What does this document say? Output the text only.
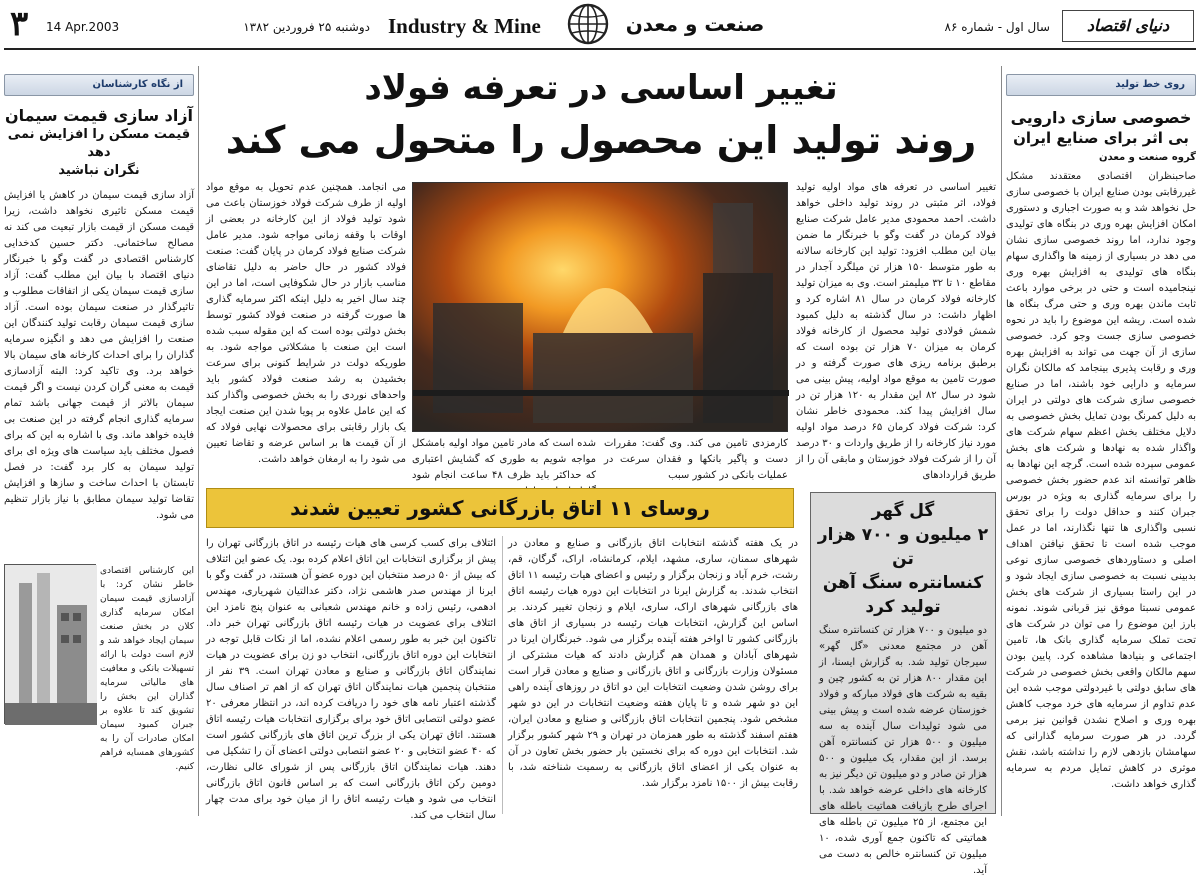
۳ 14 Apr.2003	دوشنبه ۲۵ فروردین ۱۳۸۲ Industry & Mine	صنعت و معدن	سال اول - شماره ۸۶	دنیای اقتصاد
از نگاه کارشناسان
آزاد سازی قیمت سیمان
قیمت مسکن را افزایش نمی دهد
نگران نباشید
آزاد سازی قیمت سیمان در کاهش یا افزایش قیمت مسکن تاثیری نخواهد داشت، زیرا قیمت مسکن از قیمت بازار تبعیت می کند نه مصالح ساختمانی. دکتر حسین کدخدایی کارشناس اقتصادی در گفت وگو با خبرنگار دنیای اقتصاد با بیان این مطلب گفت: آزاد سازی قیمت سیمان یکی از اتفاقات مطلوب و تاثیرگذار در صنعت سیمان بوده است. آزاد سازی قیمت سیمان رقابت تولید کنندگان این صنعت را افزایش می دهد و انگیزه سرمایه گذاران را برای احداث کارخانه های سیمان بالا خواهد برد. وی تاکید کرد: البته آزادسازی قیمت به معنی گران کردن نیست و اگر قیمت سیمان بالاتر از قیمت جهانی باشد تمام سرمایه گذاری انجام گرفته در این صنعت بی فایده خواهد ماند. وی با اشاره به این که برای فصول مختلف باید سیاست های ویژه ای برای تولید سیمان به کار برد گفت: در فصل تابستان با احداث ساخت و سازها و افزایش تقاضا تولید سیمان مطابق با نیاز بازار تنظیم می شود.
این کارشناس اقتصادی خاطر نشان کرد: با آزادسازی قیمت سیمان امکان سرمایه گذاری کلان در بخش صنعت سیمان ایجاد خواهد شد و لازم است دولت با ارائه تسهیلات بانکی و معافیت های مالیاتی سرمایه گذاران این بخش را تشویق کند تا علاوه بر جبران کمبود سیمان امکان صادرات آن را به کشورهای همسایه فراهم کنیم.
روی خط تولید
خصوصی سازی دارویی
بی اثر برای صنایع ایران
گروه صنعت و معدن
صاحبنظران اقتصادی معتقدند مشکل غیررقابتی بودن صنایع ایران با خصوصی سازی حل نخواهد شد و به صورت اجباری و دستوری امکان افزایش بهره وری در بنگاه های تولیدی وجود ندارد، اما روند خصوصی سازی نشان می دهد در بسیاری از زمینه ها واگذاری سهام بنگاه های تولیدی به افزایش بهره وری نینجامیده است و حتی در برخی موارد باعث ثابت ماندن بهره وری و حتی مرگ بنگاه ها شده است. ریشه این موضوع را باید در نحوه خصوصی سازی جست وجو کرد. خصوصی سازی از آن جهت می تواند به افزایش بهره وری و رقابت پذیری بینجامد که مالکان نگران سرمایه و دارایی خود باشند، اما در صنایع خصوصی سازی شرکت های دولتی در ایران به دلیل کمرنگ بودن تمایل بخش خصوصی به دلایل مختلف بخش اعظم سهام شرکت های واگذار شده به نهادها و شرکت های بخش عمومی سپرده شده است. گرچه این نهادها به ظاهر توانسته اند عدم حضور بخش خصوصی را برای سرمایه گذاری به ویژه در بورس جبران کنند و حداقل دولت را برای تحقق نسبی واگذاری ها تنها نگذارند، اما در عمل موجب شده است تا تحقق نیافتن اهداف اصلی و دستاوردهای خصوصی سازی نوعی بدبینی نسبت به خصوصی سازی ایجاد شود و در این راستا بسیاری از شرکت های بخش عمومی نسبتا موفق نیز قربانی شوند. نمونه بارز این موضوع را می توان در شرکت های تحت تملک سرمایه گذاری بانک ها، تامین اجتماعی و بنیادها مشاهده کرد. پایین بودن سهم مالکان واقعی بخش خصوصی در شرکت های سابق دولتی با غیردولتی موجب شده این عدم تداوم از سرمایه های خرد موجب کاهش بهره وری و اصلاح نشدن قوانین نیز برمی گردد. در هر صورت سرمایه گذارانی که سهامشان بازدهی لازم را نداشته باشد، نقش موثری در کاهش تمایل مردم به سرمایه گذاری خواهد داشت.
تغییر اساسی در تعرفه فولاد
روند تولید این محصول را متحول می کند
تغییر اساسی در تعرفه های مواد اولیه تولید فولاد، اثر مثبتی در روند تولید داخلی خواهد داشت. احمد محمودی مدیر عامل شرکت صنایع فولاد کرمان در گفت وگو با خبرنگار ما ضمن بیان این مطلب افزود: تولید این کارخانه سالانه به طور متوسط ۱۵۰ هزار تن میلگرد آجدار در مقاطع ۱۰ تا ۳۲ میلیمتر است. وی به میزان تولید کارخانه فولاد کرمان در سال ۸۱ اشاره کرد و اظهار داشت: در سال گذشته به دلیل کمبود شمش فولادی تولید محصول از کارخانه فولاد کرمان به میزان ۷۰ هزار تن بوده است که برطبق برنامه ریزی های صورت گرفته و در صورت تامین به موقع مواد اولیه، پیش بینی می شود در سال ۸۲ این مقدار به ۱۲۰ هزار تن در سال افزایش پیدا کند. محمودی خاطر نشان کرد: شرکت فولاد کرمان ۶۵ درصد مواد اولیه مورد نیاز کارخانه را از طریق واردات و ۳۰ درصد آن را از شرکت فولاد خوزستان و مابقی آن را از طریق قراردادهای
می انجامد. همچنین عدم تحویل به موقع مواد اولیه از طرف شرکت فولاد خوزستان باعث می شود تولید فولاد از این کارخانه در بعضی از اوقات با وقفه زمانی مواجه شود. مدیر عامل شرکت صنایع فولاد کرمان در پایان گفت: صنعت فولاد کشور در حال حاضر به دلیل تقاضای مناسب بازار در حال شکوفایی است، اما در این چند سال اخیر به دلیل اینکه اکثر سرمایه گذاری ها صورت گرفته در صنعت فولاد کشور توسط بخش دولتی بوده است که این مقوله سبب شده است این صنعت با مشکلاتی مواجه شود. به طوریکه دولت در شرایط کنونی برای سرعت بخشیدن به رشد صنعت فولاد کشور باید واحدهای نوردی را به بخش خصوصی واگذار کند که این عامل علاوه بر پویا شدن این صنعت ایجاد یک بازار رقابتی برای محصولات نهایی فولاد که از آن قیمت ها بر اساس عرضه و تقاضا تعیین می شود را به ارمغان خواهد داشت.
کارمزدی تامین می کند. وی گفت: مقررات دست و پاگیر بانکها و فقدان سرعت در عملیات بانکی در کشور سبب
شده است که مادر تامین مواد اولیه بامشکل مواجه شویم به طوری که گشایش اعتباری که حداکثر باید ظرف ۴۸ ساعت انجام شود
روسای ۱۱ اتاق بازرگانی کشور تعیین شدند	گل گهر
۲ میلیون و ۷۰۰ هزار تن
کنسانتره سنگ آهن
تولید کرد
دو میلیون و ۷۰۰ هزار تن کنسانتره سنگ آهن در مجتمع معدنی «گل گهر» سیرجان تولید شد. به گزارش ایسنا، از این مقدار ۸۰۰ هزار تن به کشور چین و بقیه به شرکت های فولاد مبارکه و فولاد خوزستان عرضه شده است و پیش بینی می شود تولیدات سال آینده به سه میلیون و ۵۰۰ هزار تن کنسانتره آهن برسد. از این مقدار، یک میلیون و ۵۰۰ هزار تن صادر و دو میلیون تن دیگر نیز به کارخانه های داخلی عرضه خواهد شد. با اجرای طرح بازیافت هماتیت باطله های این مجتمع، از ۲۵ میلیون تن باطله های هماتیتی که تاکنون جمع آوری شده، ۱۰ میلیون تن کنسانتره خالص به دست می آید.
در یک هفته گذشته انتخابات اتاق بازرگانی و صنایع و معادن در شهرهای سمنان، ساری، مشهد، ایلام، کرمانشاه، اراک، گرگان، قم، رشت، خرم آباد و زنجان برگزار و رئیس و اعضای هیات رئیسه ۱۱ اتاق انتخاب شدند. به گزارش ایرنا در انتخابات این دوره هیات رئیسه اتاق های بازرگانی شهرهای اراک، ساری، ایلام و زنجان تغییر کردند. بر اساس این گزارش، انتخابات هیات رئیسه در بسیاری از اتاق های بازرگانی کشور تا اواخر هفته آینده برگزار می شود. خبرنگاران ایرنا در شهرهای آبادان و همدان هم گزارش دادند که هیات مشترکی از مسئولان وزارت بازرگانی و اتاق بازرگانی و صنایع و معادن قرار است برای روشن شدن وضعیت انتخابات این دو اتاق در روزهای آینده راهی این دو شهر شده و تا پایان هفته وضعیت انتخابات در این دو شهر مشخص شود. پنجمین انتخابات اتاق بازرگانی و صنایع و معادن ایران، هفتم اسفند گذشته به طور همزمان در تهران و ۲۹ شهر کشور برگزار شد. انتخابات این دوره که برای نخستین بار حضور بخش تعاون در آن به عنوان یکی از اعضای اتاق بازرگانی به رسمیت شناخته شد، با رقابت بیش از ۱۵۰۰ نامزد برگزار شد.
ائتلاف برای کسب کرسی های هیات رئیسه در اتاق بازرگانی تهران را پیش از برگزاری انتخابات این اتاق اعلام کرده بود. یک عضو این ائتلاف که بیش از ۵۰ درصد منتخبان این دوره عضو آن هستند، در گفت وگو با ایرنا از مهندس صدر هاشمی نژاد، دکتر عدالتیان شهریاری، مهندس ادهمی، رئیس زاده و خانم مهندس شعبانی به عنوان پنج نامزد این ائتلاف برای عضویت در هیات رئیسه اتاق بازرگانی تهران خبر داد. تاکنون این خبر به طور رسمی اعلام نشده، اما از نکات قابل توجه در انتخابات این دوره اتاق بازرگانی، انتخاب دو زن برای عضویت در هیات نمایندگان اتاق بازرگانی و صنایع و معادن تهران است. ۳۹ نفر از منتخبان پنجمین هیات نمایندگان اتاق تهران که از اهم تر اصناف سال گذشته اعتبار نامه های خود را دریافت کرده اند، در انتظار معرفی ۲۰ عضو دولتی انتصابی اتاق خود برای برگزاری انتخابات هیات رئیسه اتاق هستند. اتاق تهران یکی از بزرگ ترین اتاق های بازرگانی کشور است که ۴۰ عضو انتخابی و ۲۰ عضو انتصابی دولتی اعضای آن را تشکیل می دهند. هیات نمایندگان اتاق بازرگانی پس از شورای عالی نظارت، دومین رکن اتاق بازرگانی است که بر اساس قانون اتاق بازرگانی انتخاب می شود و هیات رئیسه اتاق را از میان خود برای مدت چهار سال انتخاب می کند.
